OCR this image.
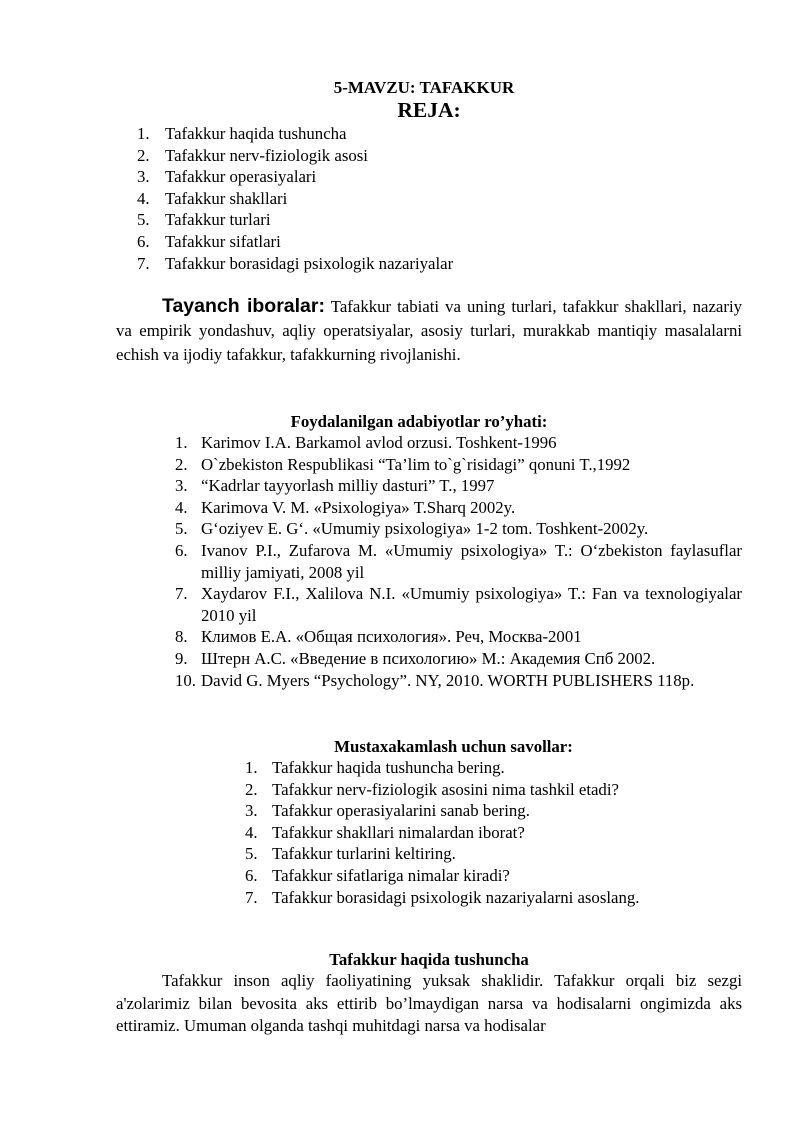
5-MAVZU: TAFAKKUR
REJA:
1. Tafakkur haqida tushuncha
2. Tafakkur nerv-fiziologik asosi
3. Tafakkur operasiyalari
4. Tafakkur shakllari
5. Tafakkur turlari
6. Tafakkur sifatlari
7. Tafakkur borasidagi psixologik nazariyalar
Tayanch iboralar: Tafakkur tabiati va uning turlari, tafakkur shakllari, nazariy va empirik yondashuv, aqliy operatsiyalar, asosiy turlari, murakkab mantiqiy masalalarni echish va ijodiy tafakkur, tafakkurning rivojlanishi.
Foydalanilgan adabiyotlar ro’yhati:
1. Karimov I.A. Barkamol avlod orzusi. Toshkent-1996
2. O`zbekiston Respublikasi “Ta’lim to`g`risidagi” qonuni T.,1992
3. “Kadrlar tayyorlash milliy dasturi” T., 1997
4. Karimova V. M. «Psixologiya» T.Sharq 2002y.
5. G‘oziyev E. G‘. «Umumiy psixologiya» 1-2 tom. Toshkent-2002y.
6. Ivanov P.I., Zufarova M. «Umumiy psixologiya» T.: O‘zbekiston faylasuflar milliy jamiyati, 2008 yil
7. Xaydarov F.I., Xalilova N.I. «Umumiy psixologiya» T.: Fan va texnologiyalar 2010 yil
8. Климов Е.А. «Общая психология». Реч, Москва-2001
9. Штерн А.С. «Введение в психологию» М.: Академия Спб 2002.
10. David G. Myers “Psychology”. NY, 2010. WORTH PUBLISHERS 118p.
Mustaxakamlash uchun savollar:
1. Tafakkur haqida tushuncha bering.
2. Tafakkur nerv-fiziologik asosini nima tashkil etadi?
3. Tafakkur operasiyalarini sanab bering.
4. Tafakkur shakllari nimalardan iborat?
5. Tafakkur turlarini keltiring.
6. Tafakkur sifatlariga nimalar kiradi?
7. Tafakkur borasidagi psixologik nazariyalarni asoslang.
Tafakkur haqida tushuncha
Tafakkur inson aqliy faoliyatining yuksak shaklidir. Tafakkur orqali biz sezgi a'zolarimiz bilan bevosita aks ettirib bo’lmaydigan narsa va hodisalarni ongimizda aks ettiramiz. Umuman olganda tashqi muhitdagi narsa va hodisalar
